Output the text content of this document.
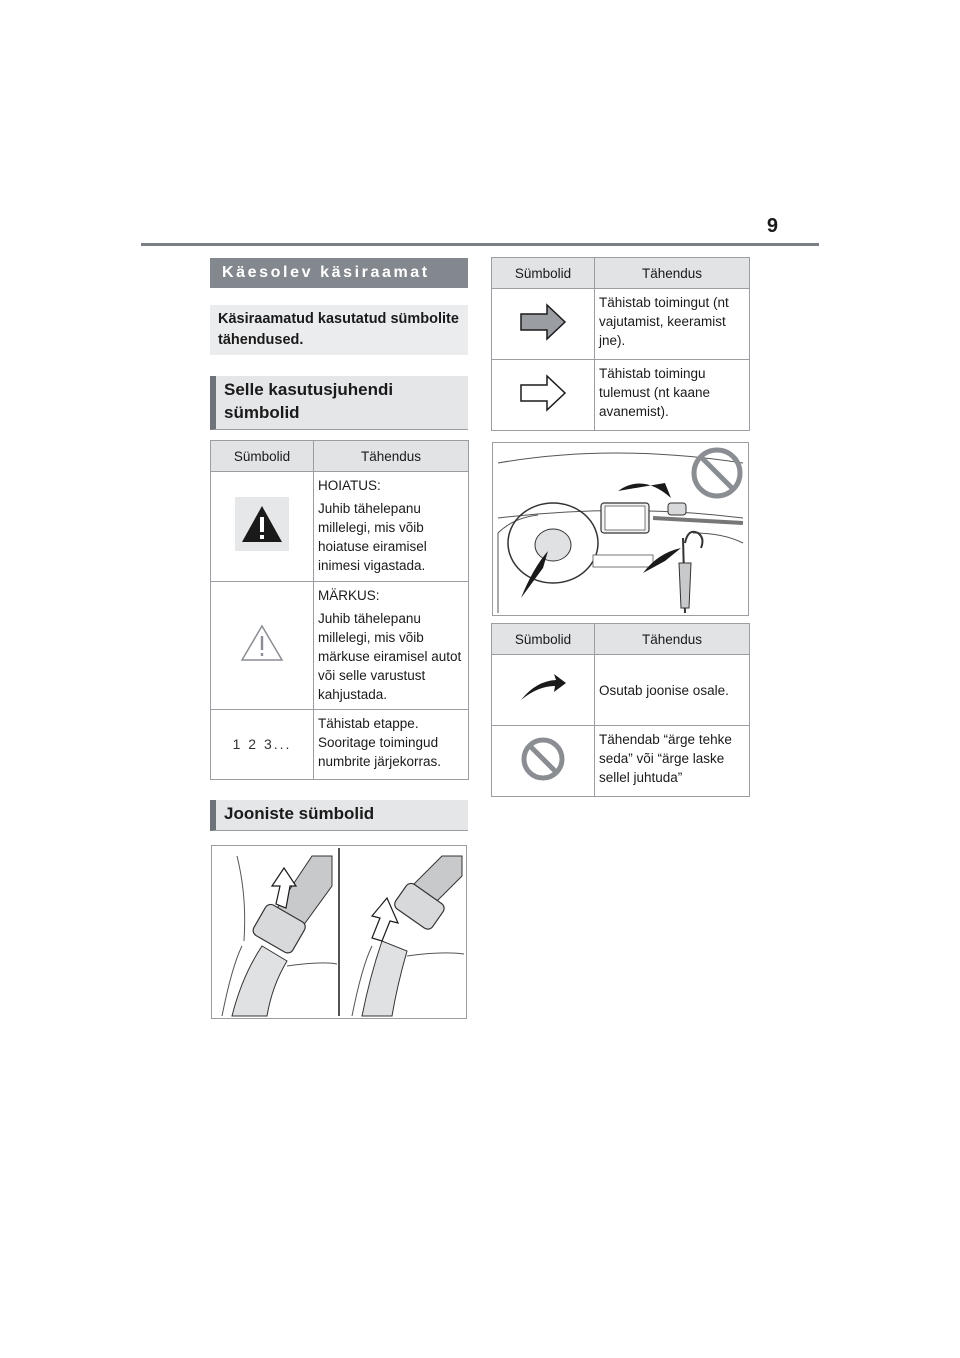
9
Käesolev käsiraamat
Käsiraamatud kasutatud sümbolite tähendused.
Selle kasutusjuhendi
sümbolid
Sümbolid	Tähendus

HOIATUS:
Juhib tähelepanu millelegi, mis võib hoiatuse eiramisel inimesi vigastada.

MÄRKUS:
Juhib tähelepanu millelegi, mis võib märkuse eiramisel autot või selle varustust kahjustada.

1 2 3...	Tähistab etappe. Sooritage toimingud numbrite järjekorras.
Jooniste sümbolid
Sümbolid	Tähendus

Tähistab toimingut (nt vajutamist, keeramist jne).

Tähistab toimingu tulemust (nt kaane avanemist).
Sümbolid	Tähendus

Osutab joonise osale.

Tähendab “ärge tehke seda” või “ärge laske sellel juhtuda”
